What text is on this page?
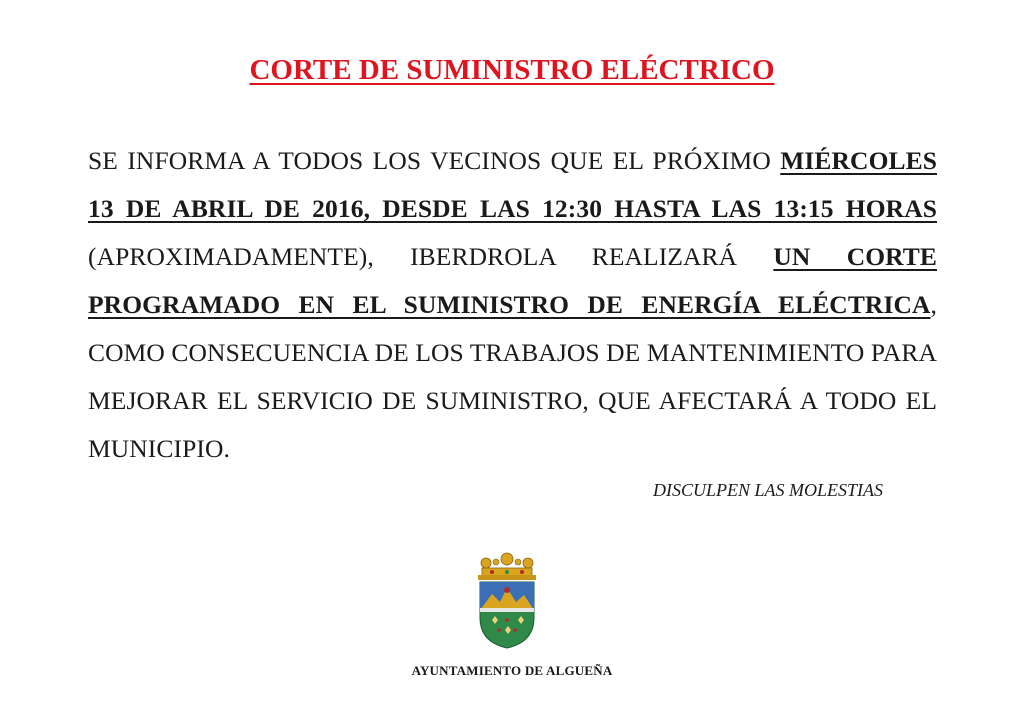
CORTE DE SUMINISTRO ELÉCTRICO
SE INFORMA A TODOS LOS VECINOS QUE EL PRÓXIMO MIÉRCOLES 13 DE ABRIL DE 2016, DESDE LAS 12:30 HASTA LAS 13:15 HORAS (APROXIMADAMENTE), IBERDROLA REALIZARÁ UN CORTE PROGRAMADO EN EL SUMINISTRO DE ENERGÍA ELÉCTRICA, COMO CONSECUENCIA DE LOS TRABAJOS DE MANTENIMIENTO PARA MEJORAR EL SERVICIO DE SUMINISTRO, QUE AFECTARÁ A TODO EL MUNICIPIO.
DISCULPEN LAS MOLESTIAS
AYUNTAMIENTO DE ALGUEÑA
